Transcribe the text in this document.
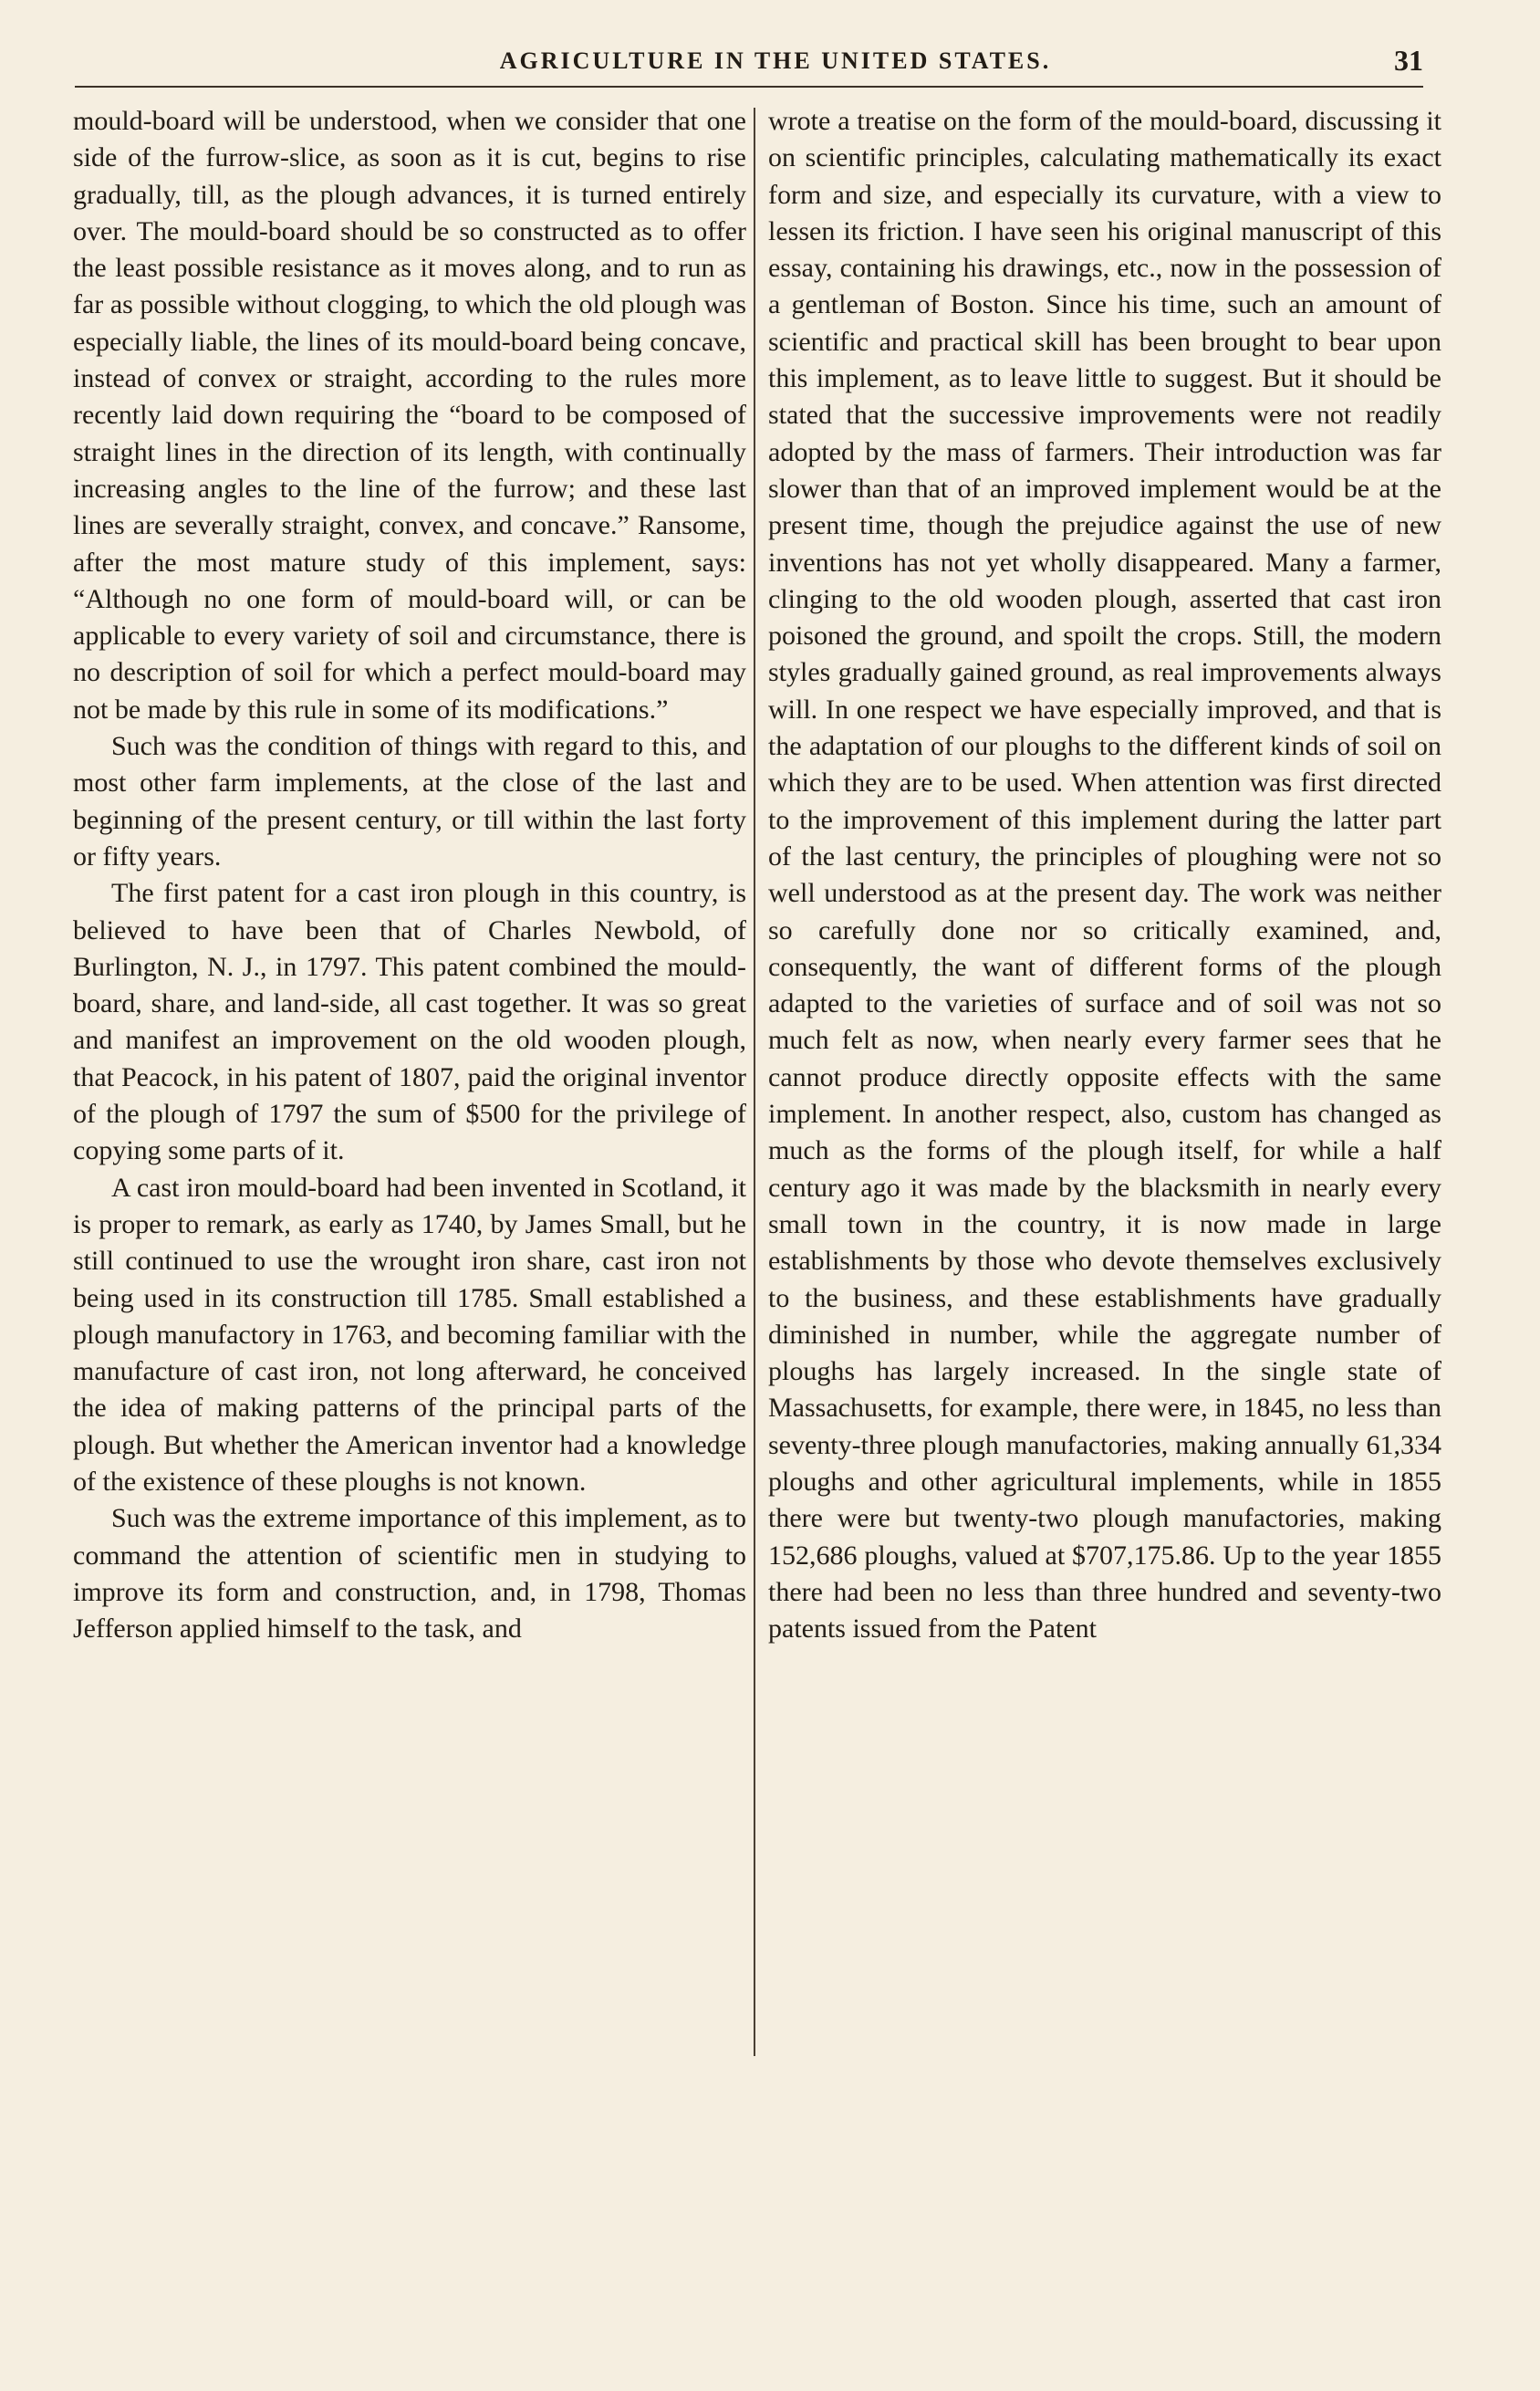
AGRICULTURE IN THE UNITED STATES.	31

mould-board will be understood, when we consider that one side of the furrow-slice, as soon as it is cut, begins to rise gradually, till, as the plough advances, it is turned entirely over. The mould-board should be so constructed as to offer the least possible resistance as it moves along, and to run as far as possible without clogging, to which the old plough was especially liable, the lines of its mould-board being concave, instead of convex or straight, according to the rules more recently laid down requiring the “board to be composed of straight lines in the direction of its length, with continually increasing angles to the line of the furrow; and these last lines are severally straight, convex, and concave.” Ransome, after the most mature study of this implement, says: “Although no one form of mould-board will, or can be applicable to every variety of soil and circumstance, there is no description of soil for which a perfect mould-board may not be made by this rule in some of its modifications.”

Such was the condition of things with regard to this, and most other farm implements, at the close of the last and beginning of the present century, or till within the last forty or fifty years.

The first patent for a cast iron plough in this country, is believed to have been that of Charles Newbold, of Burlington, N. J., in 1797. This patent combined the mould-board, share, and land-side, all cast together. It was so great and manifest an improvement on the old wooden plough, that Peacock, in his patent of 1807, paid the original inventor of the plough of 1797 the sum of $500 for the privilege of copying some parts of it.

A cast iron mould-board had been invented in Scotland, it is proper to remark, as early as 1740, by James Small, but he still continued to use the wrought iron share, cast iron not being used in its construction till 1785. Small established a plough manufactory in 1763, and becoming familiar with the manufacture of cast iron, not long afterward, he conceived the idea of making patterns of the principal parts of the plough. But whether the American inventor had a knowledge of the existence of these ploughs is not known.

Such was the extreme importance of this implement, as to command the attention of scientific men in studying to improve its form and construction, and, in 1798, Thomas Jefferson applied himself to the task, and

wrote a treatise on the form of the mould-board, discussing it on scientific principles, calculating mathematically its exact form and size, and especially its curvature, with a view to lessen its friction. I have seen his original manuscript of this essay, containing his drawings, etc., now in the possession of a gentleman of Boston. Since his time, such an amount of scientific and practical skill has been brought to bear upon this implement, as to leave little to suggest. But it should be stated that the successive improvements were not readily adopted by the mass of farmers. Their introduction was far slower than that of an improved implement would be at the present time, though the prejudice against the use of new inventions has not yet wholly disappeared. Many a farmer, clinging to the old wooden plough, asserted that cast iron poisoned the ground, and spoilt the crops. Still, the modern styles gradually gained ground, as real improvements always will. In one respect we have especially improved, and that is the adaptation of our ploughs to the different kinds of soil on which they are to be used. When attention was first directed to the improvement of this implement during the latter part of the last century, the principles of ploughing were not so well understood as at the present day. The work was neither so carefully done nor so critically examined, and, consequently, the want of different forms of the plough adapted to the varieties of surface and of soil was not so much felt as now, when nearly every farmer sees that he cannot produce directly opposite effects with the same implement. In another respect, also, custom has changed as much as the forms of the plough itself, for while a half century ago it was made by the blacksmith in nearly every small town in the country, it is now made in large establishments by those who devote themselves exclusively to the business, and these establishments have gradually diminished in number, while the aggregate number of ploughs has largely increased. In the single state of Massachusetts, for example, there were, in 1845, no less than seventy-three plough manufactories, making annually 61,334 ploughs and other agricultural implements, while in 1855 there were but twenty-two plough manufactories, making 152,686 ploughs, valued at $707,175.86. Up to the year 1855 there had been no less than three hundred and seventy-two patents issued from the Patent
